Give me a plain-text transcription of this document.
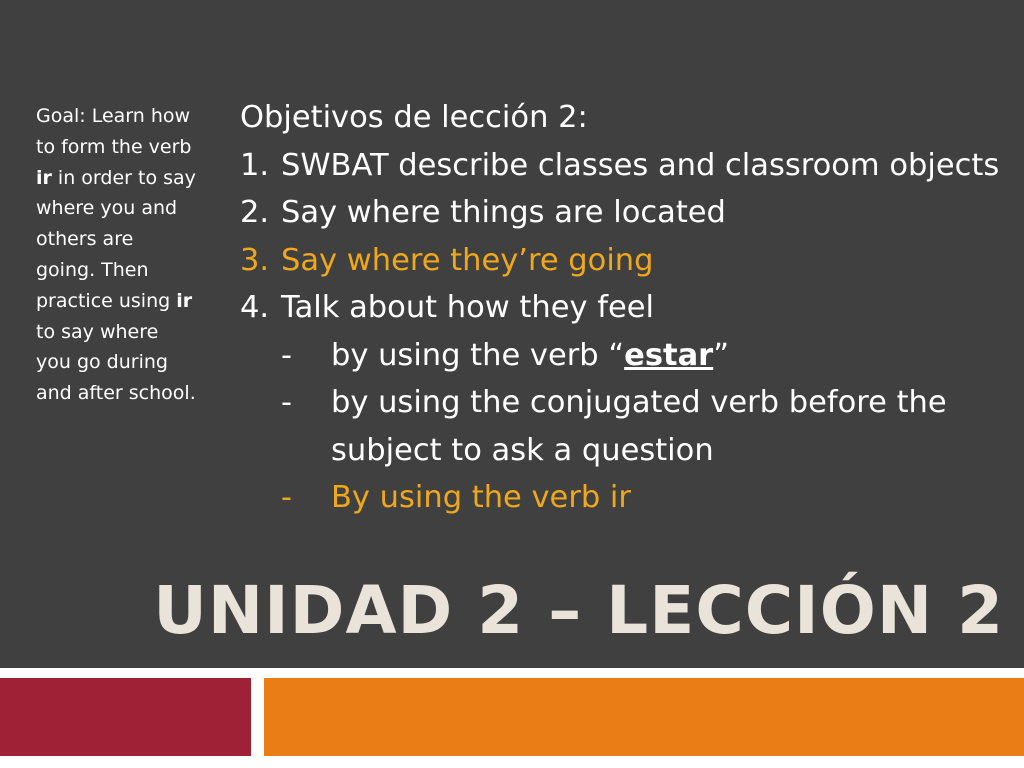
Goal: Learn how to form the verb ir in order to say where you and others are going. Then practice using ir to say where you go during and after school.
Objetivos de lección 2:
1. SWBAT describe classes and classroom objects
2. Say where things are located
3. Say where they’re going
4. Talk about how they feel
-	by using the verb “estar”
-	by using the conjugated verb before the subject to ask a question
-	By using the verb ir
UNIDAD 2 – LECCIÓN 2
